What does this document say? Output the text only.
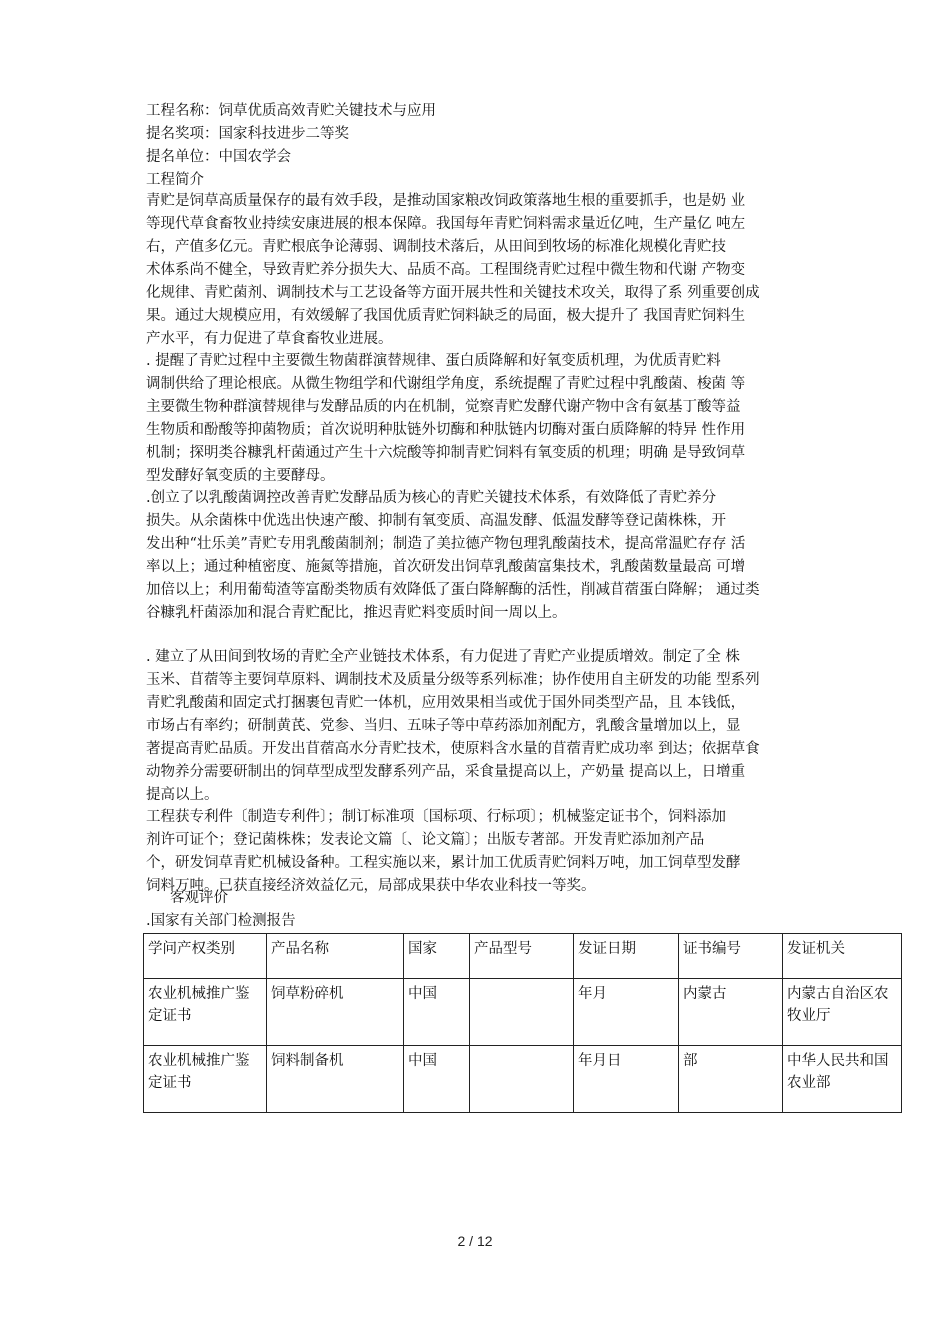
工程名称：饲草优质高效青贮关键技术与应用
提名奖项：国家科技进步二等奖
提名单位：中国农学会
工程简介
青贮是饲草高质量保存的最有效手段，是推动国家粮改饲政策落地生根的重要抓手，也是奶 业
等现代草食畜牧业持续安康进展的根本保障。我国每年青贮饲料需求量近亿吨，生产量亿 吨左
右，产值多亿元。青贮根底争论薄弱、调制技术落后，从田间到牧场的标准化规模化青贮技
术体系尚不健全，导致青贮养分损失大、品质不高。工程围绕青贮过程中微生物和代谢 产物变
化规律、青贮菌剂、调制技术与工艺设备等方面开展共性和关键技术攻关，取得了系 列重要创成
果。通过大规模应用，有效缓解了我国优质青贮饲料缺乏的局面，极大提升了 我国青贮饲料生
产水平，有力促进了草食畜牧业进展。
. 提醒了青贮过程中主要微生物菌群演替规律、蛋白质降解和好氧变质机理，为优质青贮料
调制供给了理论根底。从微生物组学和代谢组学角度，系统提醒了青贮过程中乳酸菌、梭菌 等
主要微生物种群演替规律与发酵品质的内在机制，觉察青贮发酵代谢产物中含有氨基丁酸等益
生物质和酚酸等抑菌物质；首次说明种肽链外切酶和种肽链内切酶对蛋白质降解的特异 性作用
机制；探明类谷糠乳杆菌通过产生十六烷酸等抑制青贮饲料有氧变质的机理；明确 是导致饲草
型发酵好氧变质的主要酵母。
.创立了以乳酸菌调控改善青贮发酵品质为核心的青贮关键技术体系，有效降低了青贮养分
损失。从余菌株中优选出快速产酸、抑制有氧变质、高温发酵、低温发酵等登记菌株株，开
发出种“壮乐美”青贮专用乳酸菌制剂；制造了美拉德产物包理乳酸菌技术，提高常温贮存存 活
率以上；通过种植密度、施氮等措施，首次研发出饲草乳酸菌富集技术，乳酸菌数量最高 可增
加倍以上；利用葡萄渣等富酚类物质有效降低了蛋白降解酶的活性，削减苜蓿蛋白降解； 通过类
谷糠乳杆菌添加和混合青贮配比，推迟青贮料变质时间一周以上。
. 建立了从田间到牧场的青贮全产业链技术体系，有力促进了青贮产业提质增效。制定了全 株
玉米、苜蓿等主要饲草原料、调制技术及质量分级等系列标准；协作使用自主研发的功能 型系列
青贮乳酸菌和固定式打捆裹包青贮一体机，应用效果相当或优于国外同类型产品，且 本钱低，
市场占有率约；研制黄芪、党参、当归、五味子等中草药添加剂配方，乳酸含量增加以上，显
著提高青贮品质。开发出苜蓿高水分青贮技术，使原料含水量的苜蓿青贮成功率 到达；依据草食
动物养分需要研制出的饲草型成型发酵系列产品，采食量提高以上，产奶量 提高以上，日增重
提高以上。
工程获专利件〔制造专利件〕；制订标准项〔国标项、行标项〕；机械鉴定证书个，饲料添加
剂许可证个；登记菌株株；发表论文篇〔、论文篇〕；出版专著部。开发青贮添加剂产品
个，研发饲草青贮机械设备种。工程实施以来，累计加工优质青贮饲料万吨，加工饲草型发酵
饲料万吨。已获直接经济效益亿元，局部成果获中华农业科技一等奖。
客观评价
.国家有关部门检测报告
学问产权类别	产品名称	国家	产品型号	发证日期	证书编号	发证机关
农业机械推广鉴定证书	饲草粉碎机	中国		年月	内蒙古	内蒙古自治区农牧业厅
农业机械推广鉴定证书	饲料制备机	中国		年月日	部	中华人民共和国农业部
2 / 12
